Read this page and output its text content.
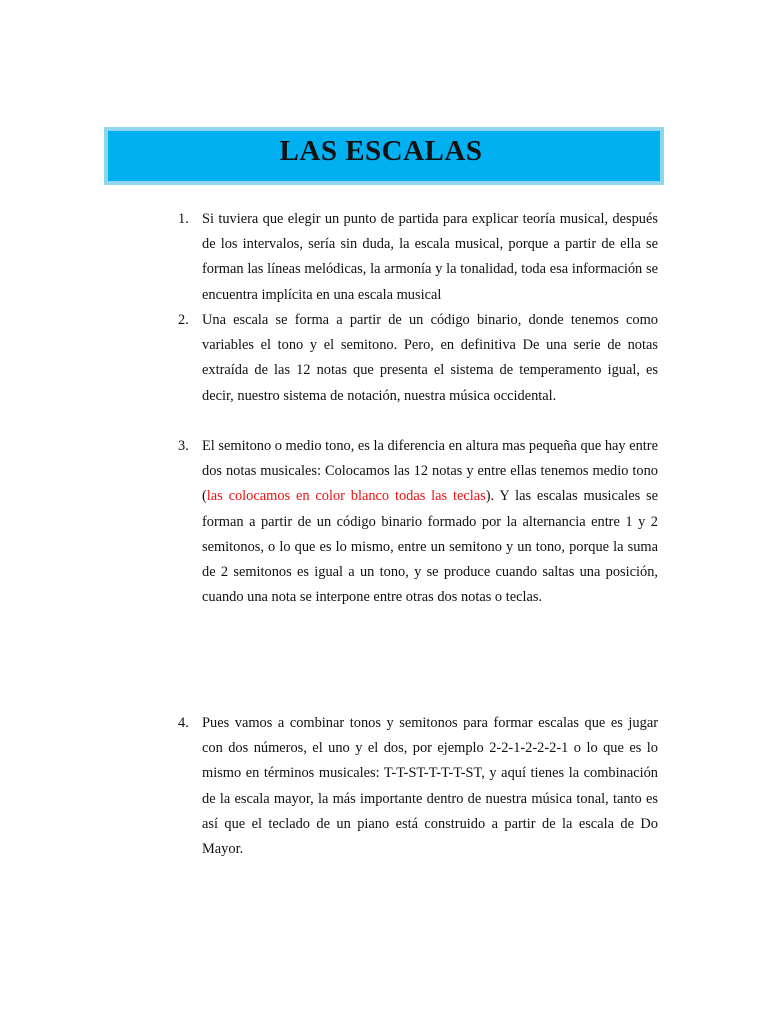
LAS ESCALAS
1. Si tuviera que elegir un punto de partida para explicar teoría musical, después de los intervalos, sería sin duda, la escala musical, porque a partir de ella se forman las líneas melódicas, la armonía y la tonalidad, toda esa información se encuentra implícita en una escala musical
2. Una escala se forma a partir de un código binario, donde tenemos como variables el tono y el semitono. Pero, en definitiva De una serie de notas extraída de las 12 notas que presenta el sistema de temperamento igual, es decir, nuestro sistema de notación, nuestra música occidental.
3. El semitono o medio tono, es la diferencia en altura mas pequeña que hay entre dos notas musicales: Colocamos las 12 notas y entre ellas tenemos medio tono (las colocamos en color blanco todas las teclas). Y las escalas musicales se forman a partir de un código binario formado por la alternancia entre 1 y 2 semitonos, o lo que es lo mismo, entre un semitono y un tono, porque la suma de 2 semitonos es igual a un tono, y se produce cuando saltas una posición, cuando una nota se interpone entre otras dos notas o teclas.
4. Pues vamos a combinar tonos y semitonos para formar escalas que es jugar con dos números, el uno y el dos, por ejemplo 2-2-1-2-2-2-1 o lo que es lo mismo en términos musicales: T-T-ST-T-T-T-ST, y aquí tienes la combinación de la escala mayor, la más importante dentro de nuestra música tonal, tanto es así que el teclado de un piano está construido a partir de la escala de Do Mayor.
